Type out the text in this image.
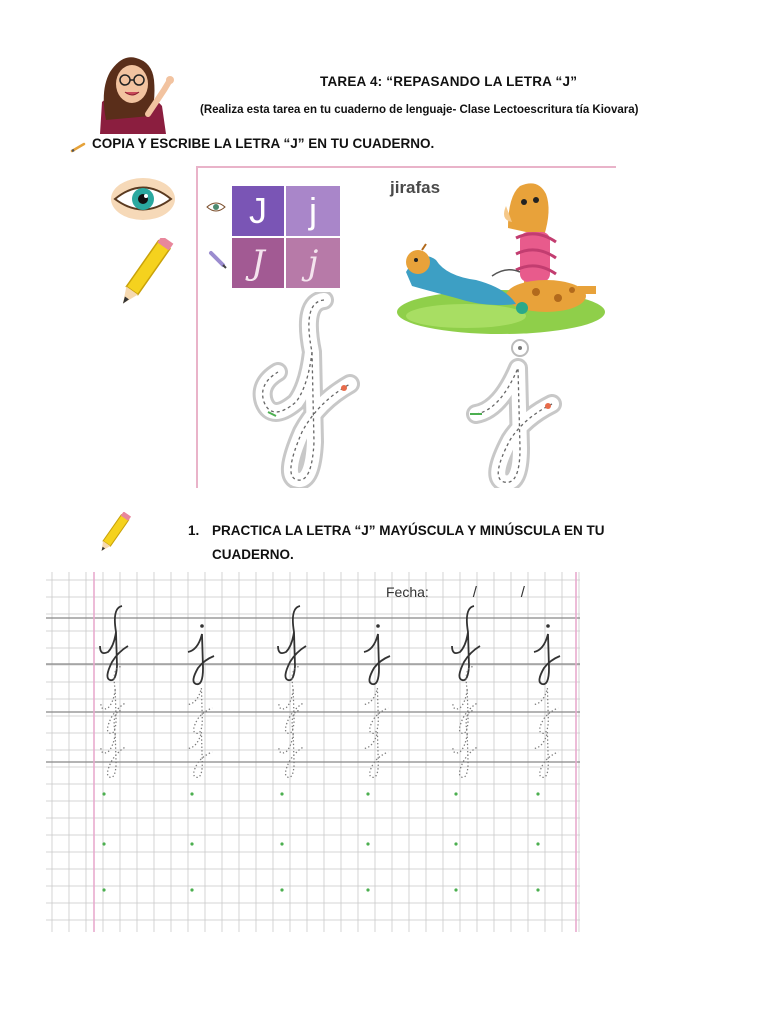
TAREA 4: “REPASANDO LA LETRA “J”
(Realiza esta tarea en tu cuaderno de lenguaje- Clase Lectoescritura tía Kiovara)
COPIA Y ESCRIBE LA LETRA “J” EN TU CUADERNO.
J	j
J	j
jirafas
1. PRACTICA LA LETRA “J” MAYÚSCULA Y MINÚSCULA EN TU
CUADERNO.
Fecha:	/	/
